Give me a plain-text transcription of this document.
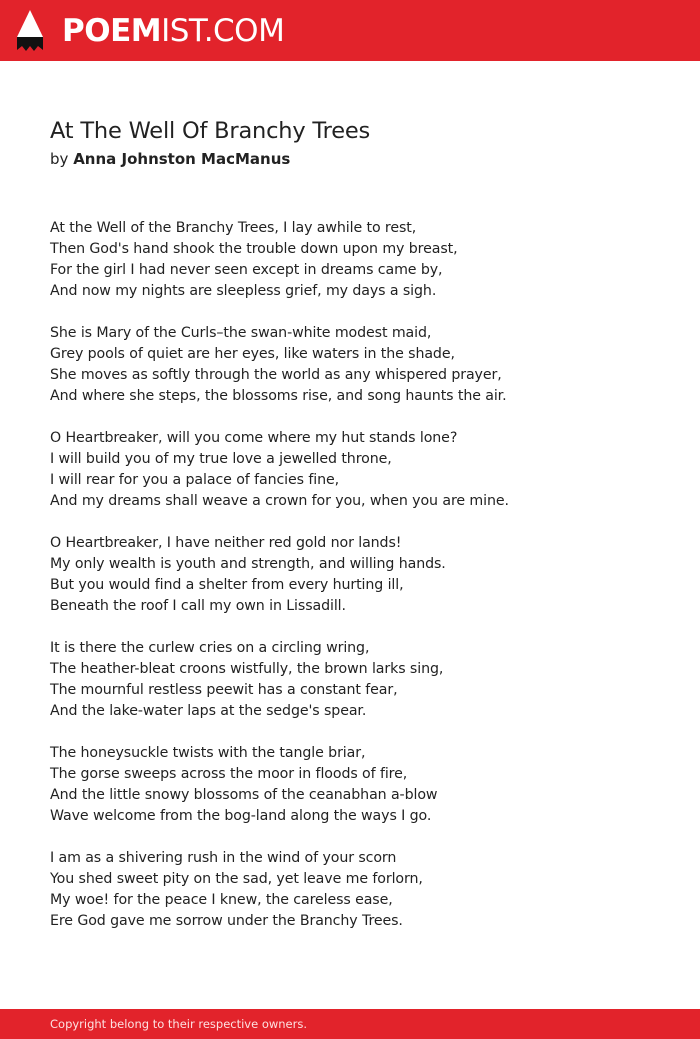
POEMIST.COM
At The Well Of Branchy Trees
by Anna Johnston MacManus
At the Well of the Branchy Trees, I lay awhile to rest,
Then God's hand shook the trouble down upon my breast,
For the girl I had never seen except in dreams came by,
And now my nights are sleepless grief, my days a sigh.
She is Mary of the Curls–the swan-white modest maid,
Grey pools of quiet are her eyes, like waters in the shade,
She moves as softly through the world as any whispered prayer,
And where she steps, the blossoms rise, and song haunts the air.
O Heartbreaker, will you come where my hut stands lone?
I will build you of my true love a jewelled throne,
I will rear for you a palace of fancies fine,
And my dreams shall weave a crown for you, when you are mine.
O Heartbreaker, I have neither red gold nor lands!
My only wealth is youth and strength, and willing hands.
But you would find a shelter from every hurting ill,
Beneath the roof I call my own in Lissadill.
It is there the curlew cries on a circling wring,
The heather-bleat croons wistfully, the brown larks sing,
The mournful restless peewit has a constant fear,
And the lake-water laps at the sedge's spear.
The honeysuckle twists with the tangle briar,
The gorse sweeps across the moor in floods of fire,
And the little snowy blossoms of the ceanabhan a-blow
Wave welcome from the bog-land along the ways I go.
I am as a shivering rush in the wind of your scorn
You shed sweet pity on the sad, yet leave me forlorn,
My woe! for the peace I knew, the careless ease,
Ere God gave me sorrow under the Branchy Trees.
Copyright belong to their respective owners.
